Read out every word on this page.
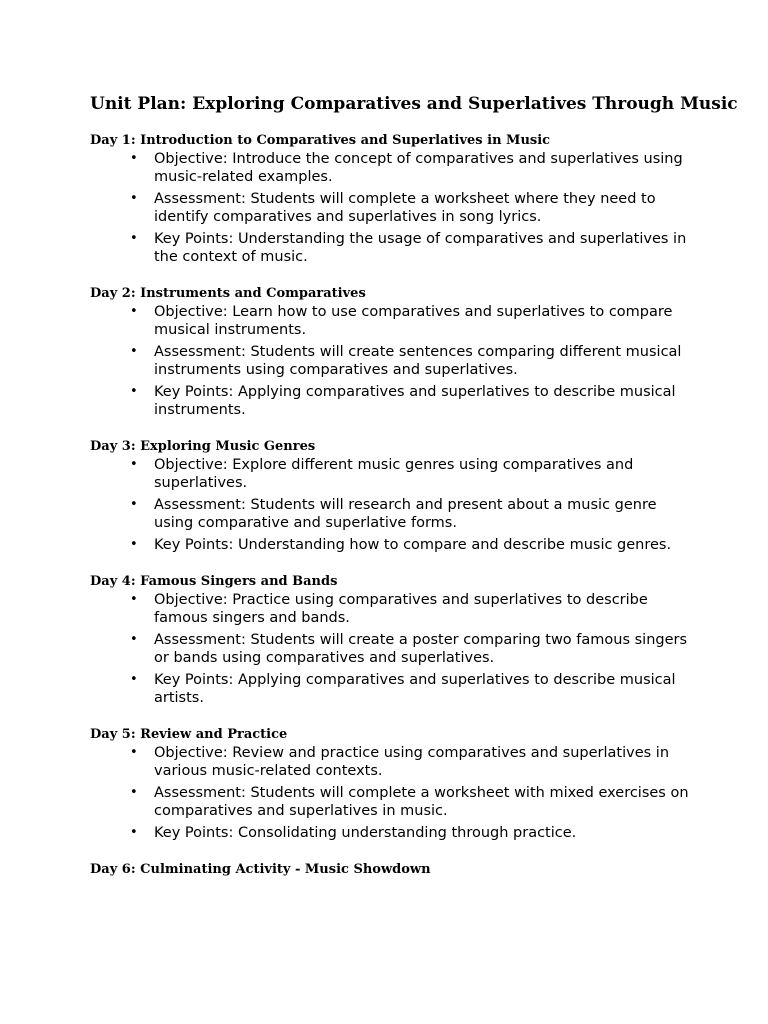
Unit Plan: Exploring Comparatives and Superlatives Through Music
Day 1: Introduction to Comparatives and Superlatives in Music
• Objective: Introduce the concept of comparatives and superlatives using music-related examples.
• Assessment: Students will complete a worksheet where they need to identify comparatives and superlatives in song lyrics.
• Key Points: Understanding the usage of comparatives and superlatives in the context of music.
Day 2: Instruments and Comparatives
• Objective: Learn how to use comparatives and superlatives to compare musical instruments.
• Assessment: Students will create sentences comparing different musical instruments using comparatives and superlatives.
• Key Points: Applying comparatives and superlatives to describe musical instruments.
Day 3: Exploring Music Genres
• Objective: Explore different music genres using comparatives and superlatives.
• Assessment: Students will research and present about a music genre using comparative and superlative forms.
• Key Points: Understanding how to compare and describe music genres.
Day 4: Famous Singers and Bands
• Objective: Practice using comparatives and superlatives to describe famous singers and bands.
• Assessment: Students will create a poster comparing two famous singers or bands using comparatives and superlatives.
• Key Points: Applying comparatives and superlatives to describe musical artists.
Day 5: Review and Practice
• Objective: Review and practice using comparatives and superlatives in various music-related contexts.
• Assessment: Students will complete a worksheet with mixed exercises on comparatives and superlatives in music.
• Key Points: Consolidating understanding through practice.
Day 6: Culminating Activity - Music Showdown
